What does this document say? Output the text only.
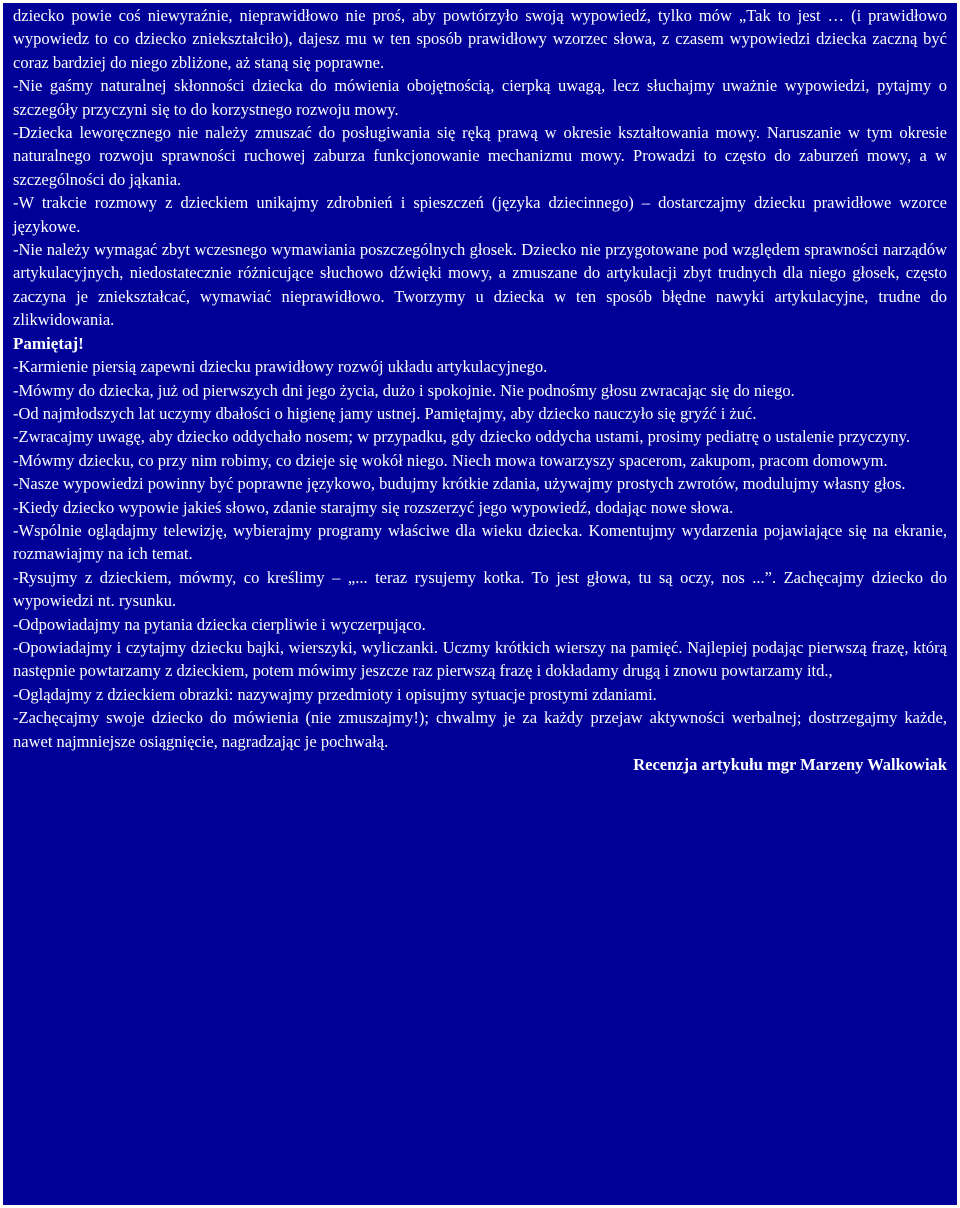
dziecko powie coś niewyraźnie, nieprawidłowo nie proś, aby powtórzyło swoją wypowiedź, tylko mów „Tak to jest … (i prawidłowo wypowiedz to co dziecko zniekształciło), dajesz mu w ten sposób prawidłowy wzorzec słowa, z czasem wypowiedzi dziecka zaczną być coraz bardziej do niego zbliżone, aż staną się poprawne.

-Nie gaśmy naturalnej skłonności dziecka do mówienia obojętnością, cierpką uwagą, lecz słuchajmy uważnie wypowiedzi, pytajmy o szczegóły przyczyni się to do korzystnego rozwoju mowy.

-Dziecka leworęcznego nie należy zmuszać do posługiwania się ręką prawą w okresie kształtowania mowy. Naruszanie w tym okresie naturalnego rozwoju sprawności ruchowej zaburza funkcjonowanie mechanizmu mowy. Prowadzi to często do zaburzeń mowy, a w szczególności do jąkania.

-W trakcie rozmowy z dzieckiem unikajmy zdrobnień i spieszczeń (języka dziecinnego) – dostarczajmy dziecku prawidłowe wzorce językowe.

-Nie należy wymagać zbyt wczesnego wymawiania poszczególnych głosek. Dziecko nie przygotowane pod względem sprawności narządów artykulacyjnych, niedostatecznie różnicujące słuchowo dźwięki mowy, a zmuszane do artykulacji zbyt trudnych dla niego głosek, często zaczyna je zniekształcać, wymawiać nieprawidłowo. Tworzymy u dziecka w ten sposób błędne nawyki artykulacyjne, trudne do zlikwidowania.

Pamiętaj!

-Karmienie piersią zapewni dziecku prawidłowy rozwój układu artykulacyjnego.

-Mówmy do dziecka, już od pierwszych dni jego życia, dużo i spokojnie. Nie podnośmy głosu zwracając się do niego.

-Od najmłodszych lat uczymy dbałości o higienę jamy ustnej. Pamiętajmy, aby dziecko nauczyło się gryźć i żuć.

-Zwracajmy uwagę, aby dziecko oddychało nosem; w przypadku, gdy dziecko oddycha ustami, prosimy pediatrę o ustalenie przyczyny.

-Mówmy dziecku, co przy nim robimy, co dzieje się wokół niego. Niech mowa towarzyszy spacerom, zakupom, pracom domowym.

-Nasze wypowiedzi powinny być poprawne językowo, budujmy krótkie zdania, używajmy prostych zwrotów, modulujmy własny głos.

-Kiedy dziecko wypowie jakieś słowo, zdanie starajmy się rozszerzyć jego wypowiedź, dodając nowe słowa.

-Wspólnie oglądajmy telewizję, wybierajmy programy właściwe dla wieku dziecka. Komentujmy wydarzenia pojawiające się na ekranie, rozmawiajmy na ich temat.

-Rysujmy z dzieckiem, mówmy, co kreślimy – „... teraz rysujemy kotka. To jest głowa, tu są oczy, nos ...”. Zachęcajmy dziecko do wypowiedzi nt. rysunku.

-Odpowiadajmy na pytania dziecka cierpliwie i wyczerpująco.

-Opowiadajmy i czytajmy dziecku bajki, wierszyki, wyliczanki. Uczmy krótkich wierszy na pamięć. Najlepiej podając pierwszą frazę, którą następnie powtarzamy z dzieckiem, potem mówimy jeszcze raz pierwszą frazę i dokładamy drugą i znowu powtarzamy itd.,

-Oglądajmy z dzieckiem obrazki: nazywajmy przedmioty i opisujmy sytuacje prostymi zdaniami.

-Zachęcajmy swoje dziecko do mówienia (nie zmuszajmy!); chwalmy je za każdy przejaw aktywności werbalnej; dostrzegajmy każde, nawet najmniejsze osiągnięcie, nagradzając je pochwałą.

Recenzja artykułu mgr Marzeny Walkowiak
